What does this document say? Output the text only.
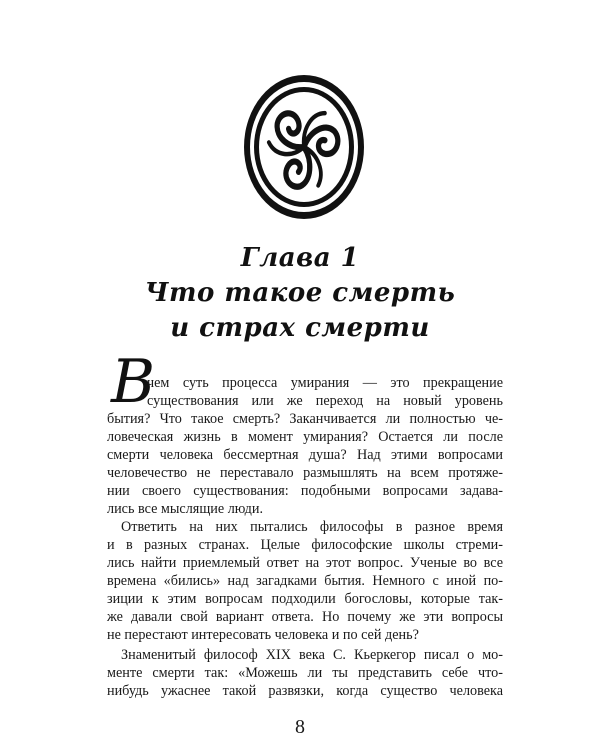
Глава 1
Что такое смерть
и страх смерти
В
чем суть процесса умирания — это прекращение
существования или же переход на новый уровень
бытия? Что такое смерть? Заканчивается ли полностью че-
ловеческая жизнь в момент умирания? Остается ли после
смерти человека бессмертная душа? Над этими вопросами
человечество не переставало размышлять на всем протяже-
нии своего существования: подобными вопросами задава-
лись все мыслящие люди.
Ответить на них пытались философы в разное время
и в разных странах. Целые философские школы стреми-
лись найти приемлемый ответ на этот вопрос. Ученые во все
времена «бились» над загадками бытия. Немного с иной по-
зиции к этим вопросам подходили богословы, которые так-
же давали свой вариант ответа. Но почему же эти вопросы
не перестают интересовать человека и по сей день?
Знаменитый философ XIX века С. Кьеркегор писал о мо-
менте смерти так: «Можешь ли ты представить себе что-
нибудь ужаснее такой развязки, когда существо человека
8
